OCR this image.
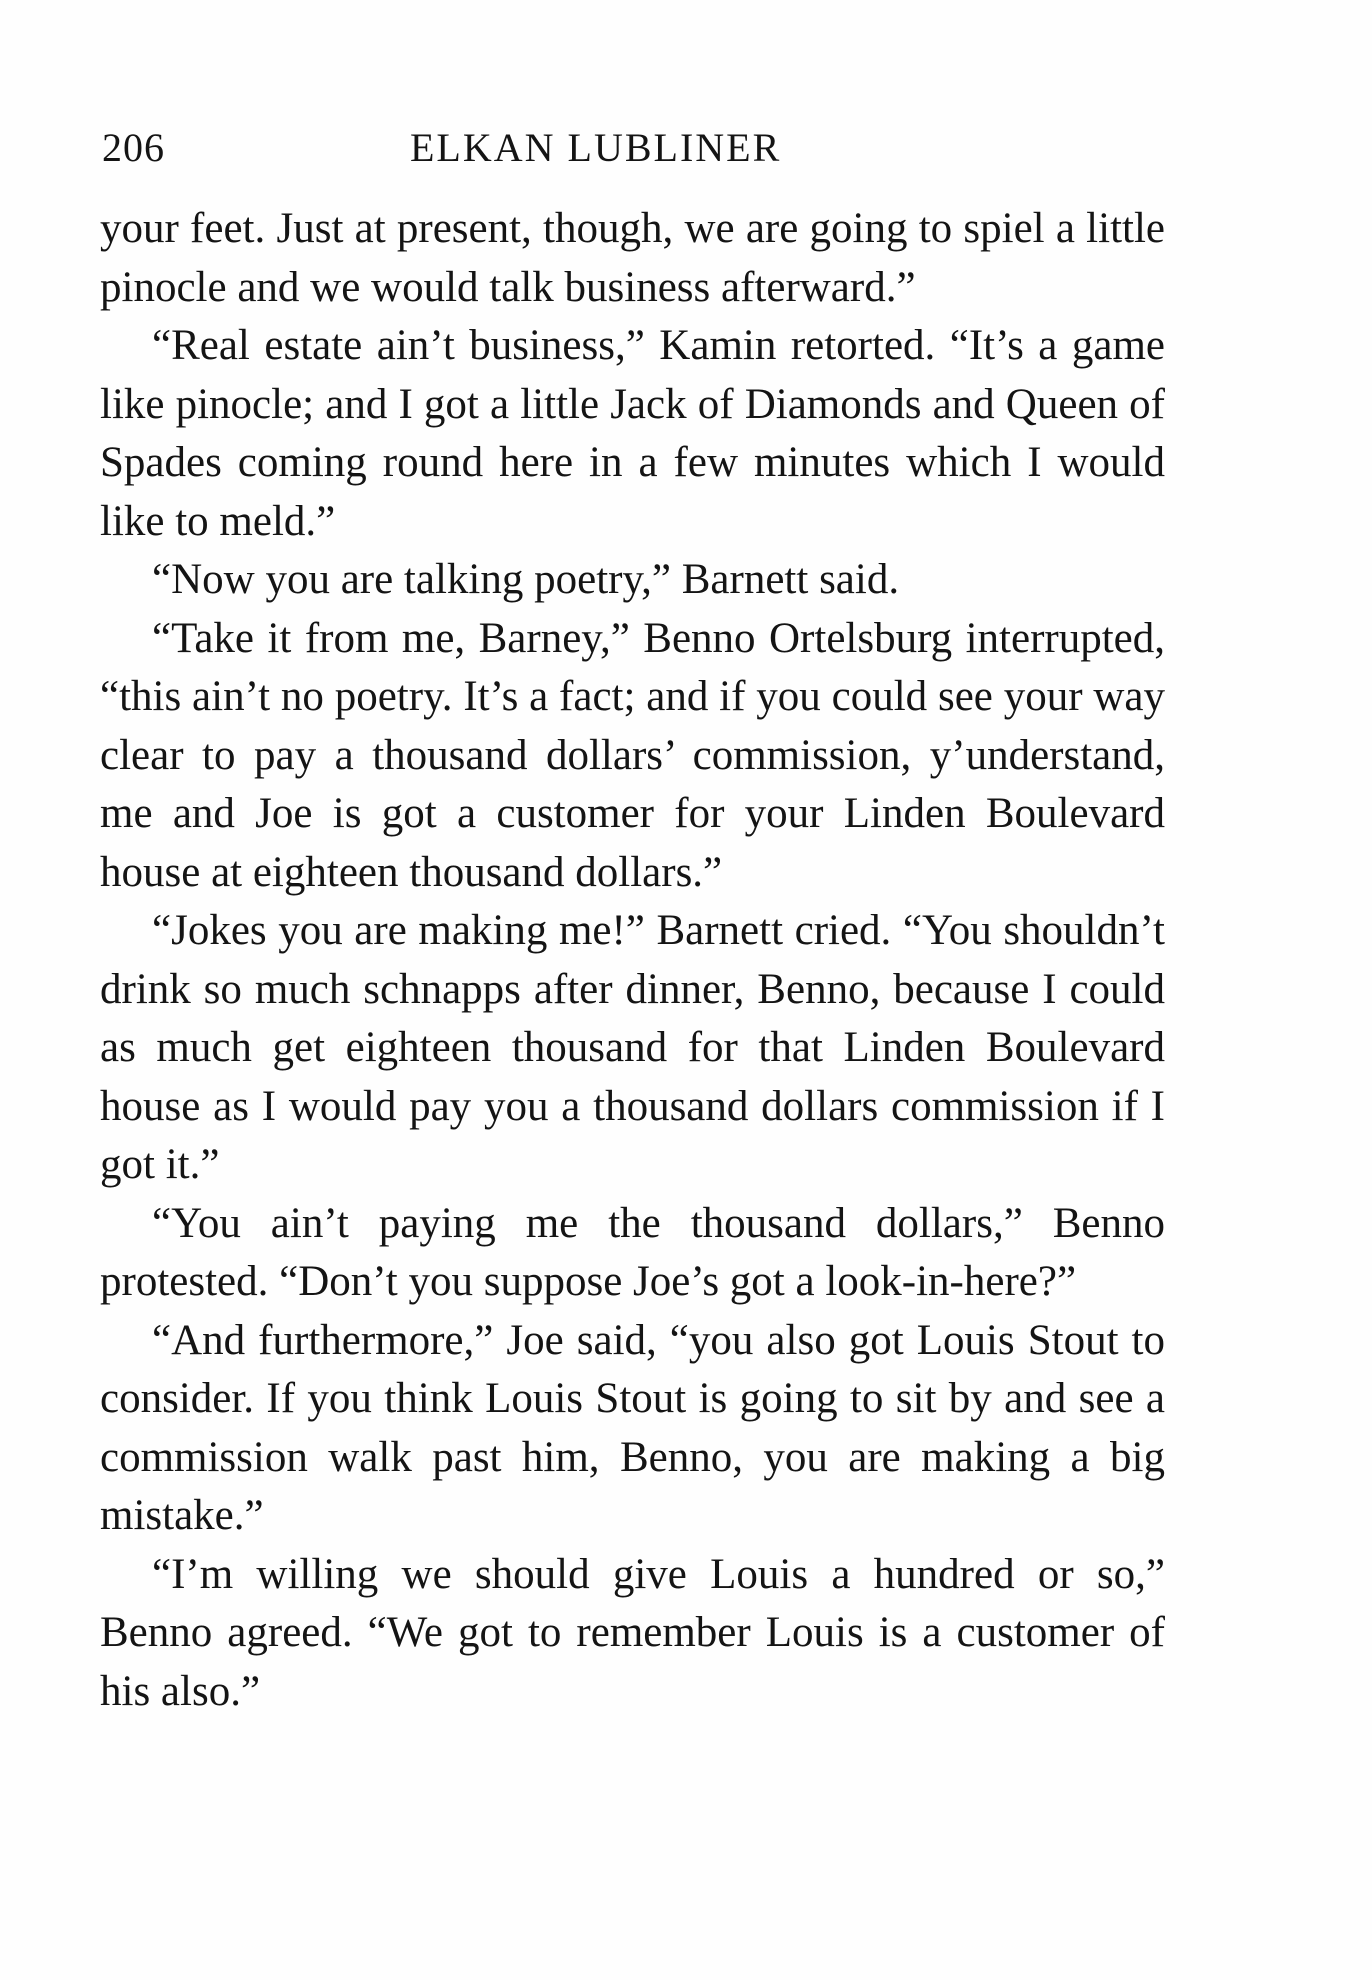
206	ELKAN LUBLINER

your feet. Just at present, though, we are going to spiel a little pinocle and we would talk business afterward.”

“Real estate ain’t business,” Kamin retorted. “It’s a game like pinocle; and I got a little Jack of Diamonds and Queen of Spades coming round here in a few minutes which I would like to meld.”

“Now you are talking poetry,” Barnett said.

“Take it from me, Barney,” Benno Ortelsburg interrupted, “this ain’t no poetry. It’s a fact; and if you could see your way clear to pay a thousand dollars’ commission, y’understand, me and Joe is got a customer for your Linden Boulevard house at eighteen thousand dollars.”

“Jokes you are making me!” Barnett cried. “You shouldn’t drink so much schnapps after dinner, Benno, because I could as much get eighteen thousand for that Linden Boulevard house as I would pay you a thousand dollars commission if I got it.”

“You ain’t paying me the thousand dollars,” Benno protested. “Don’t you suppose Joe’s got a look-in-here?”

“And furthermore,” Joe said, “you also got Louis Stout to consider. If you think Louis Stout is going to sit by and see a commission walk past him, Benno, you are making a big mistake.”

“I’m willing we should give Louis a hundred or so,” Benno agreed. “We got to remember Louis is a customer of his also.”
